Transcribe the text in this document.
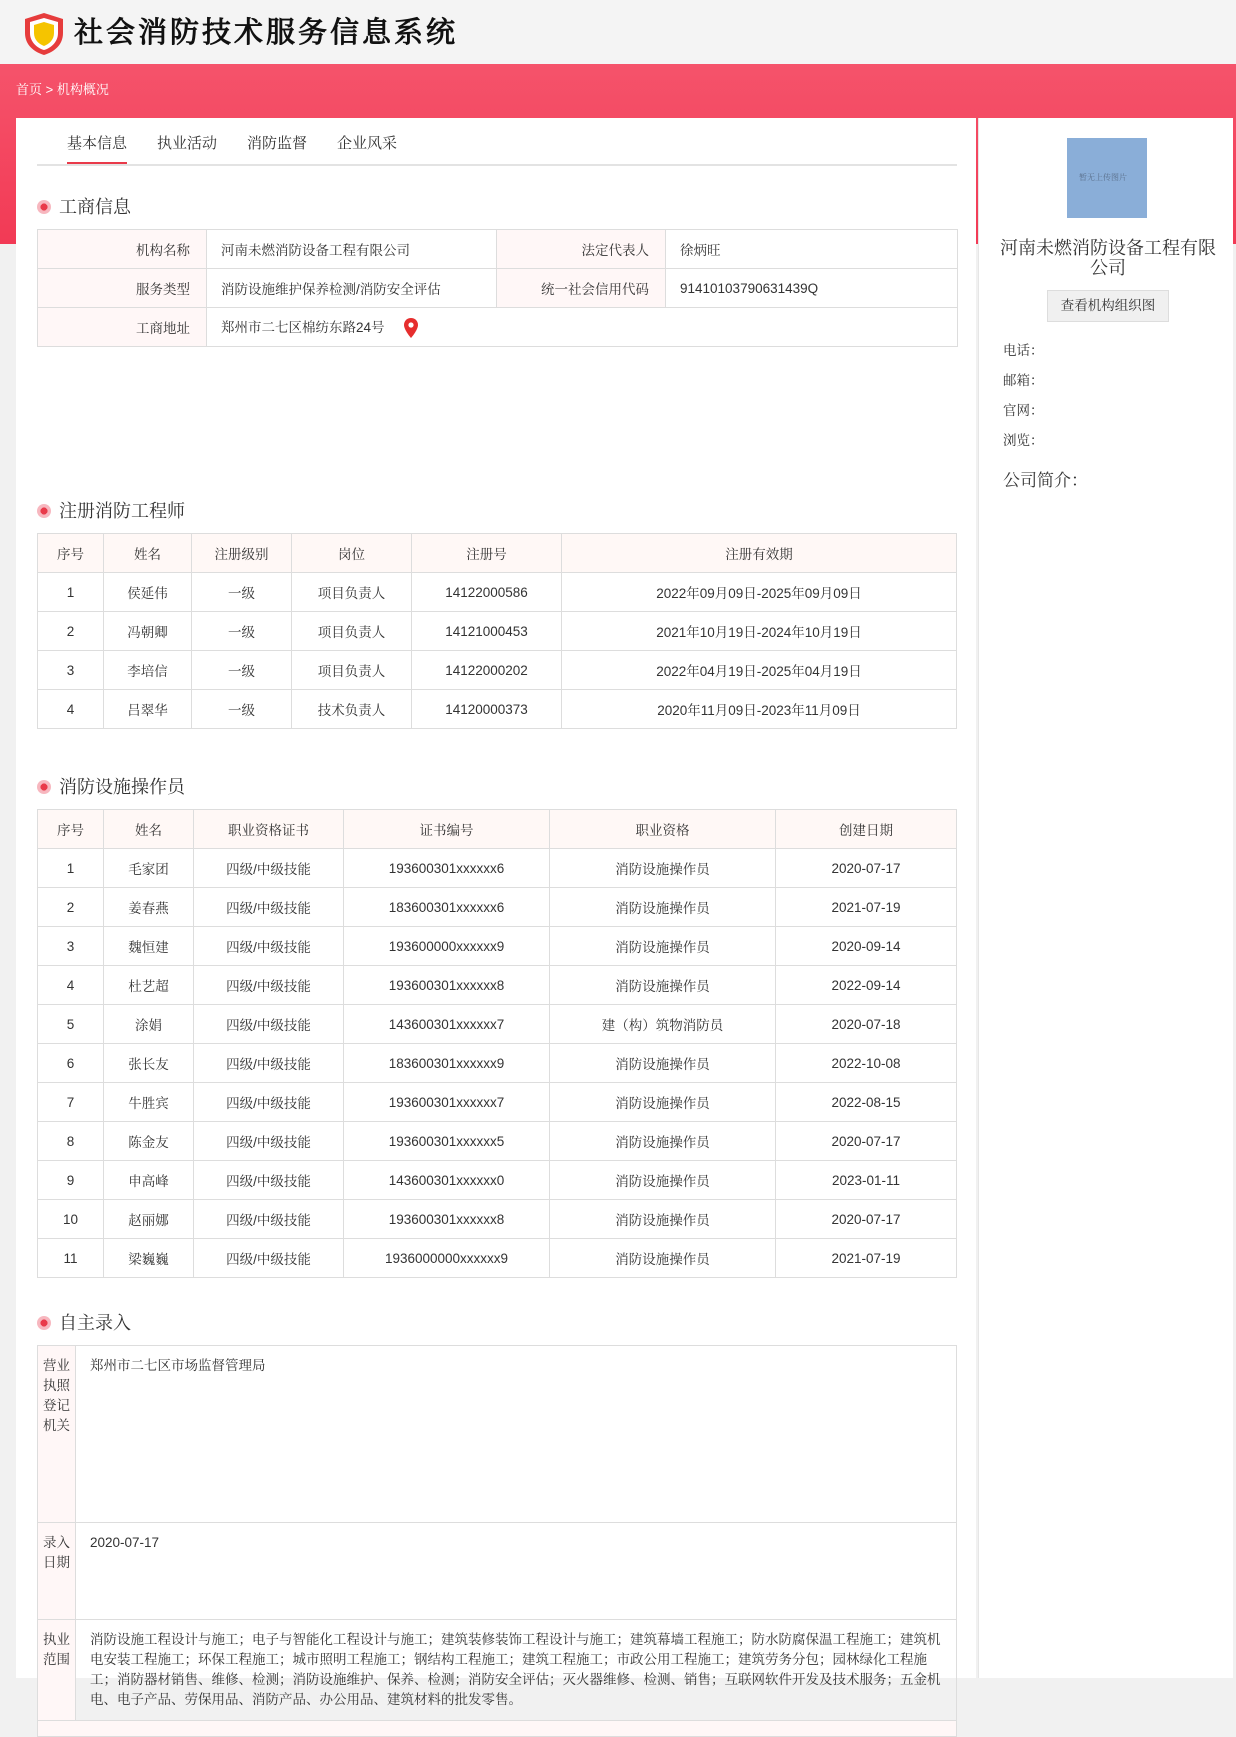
社会消防技术服务信息系统
首页 > 机构概况
基本信息 执业活动 消防监督 企业风采
工商信息
机构名称	河南未燃消防设备工程有限公司	法定代表人	徐炳旺
服务类型	消防设施维护保养检测/消防安全评估	统一社会信用代码	91410103790631439Q
工商地址	郑州市二七区棉纺东路24号		
注册消防工程师
序号	姓名	注册级别	岗位	注册号	注册有效期
1	侯延伟	一级	项目负责人	14122000586	2022年09月09日-2025年09月09日
2	冯朝卿	一级	项目负责人	14121000453	2021年10月19日-2024年10月19日
3	李培信	一级	项目负责人	14122000202	2022年04月19日-2025年04月19日
4	吕翠华	一级	技术负责人	14120000373	2020年11月09日-2023年11月09日
消防设施操作员
序号	姓名	职业资格证书	证书编号	职业资格	创建日期
1	毛家团	四级/中级技能	193600301xxxxxx6	消防设施操作员	2020-07-17
2	姜春燕	四级/中级技能	183600301xxxxxx6	消防设施操作员	2021-07-19
3	魏恒建	四级/中级技能	193600000xxxxxx9	消防设施操作员	2020-09-14
4	杜艺超	四级/中级技能	193600301xxxxxx8	消防设施操作员	2022-09-14
5	涂娟	四级/中级技能	143600301xxxxxx7	建（构）筑物消防员	2020-07-18
6	张长友	四级/中级技能	183600301xxxxxx9	消防设施操作员	2022-10-08
7	牛胜宾	四级/中级技能	193600301xxxxxx7	消防设施操作员	2022-08-15
8	陈金友	四级/中级技能	193600301xxxxxx5	消防设施操作员	2020-07-17
9	申高峰	四级/中级技能	143600301xxxxxx0	消防设施操作员	2023-01-11
10	赵丽娜	四级/中级技能	193600301xxxxxx8	消防设施操作员	2020-07-17
11	梁巍巍	四级/中级技能	1936000000xxxxxx9	消防设施操作员	2021-07-19
自主录入
营业执照登记机关	郑州市二七区市场监督管理局
录入日期	2020-07-17
执业范围	消防设施工程设计与施工；电子与智能化工程设计与施工；建筑装修装饰工程设计与施工；建筑幕墙工程施工；防水防腐保温工程施工；建筑机电安装工程施工；环保工程施工；城市照明工程施工；钢结构工程施工；建筑工程施工；市政公用工程施工；建筑劳务分包；园林绿化工程施工；消防器材销售、维修、检测；消防设施维护、保养、检测；消防安全评估；灭火器维修、检测、销售；互联网软件开发及技术服务；五金机电、电子产品、劳保用品、消防产品、办公用品、建筑材料的批发零售。

暂无上传图片
河南未燃消防设备工程有限公司
查看机构组织图
电话：
邮箱：
官网：
浏览：
公司简介：
